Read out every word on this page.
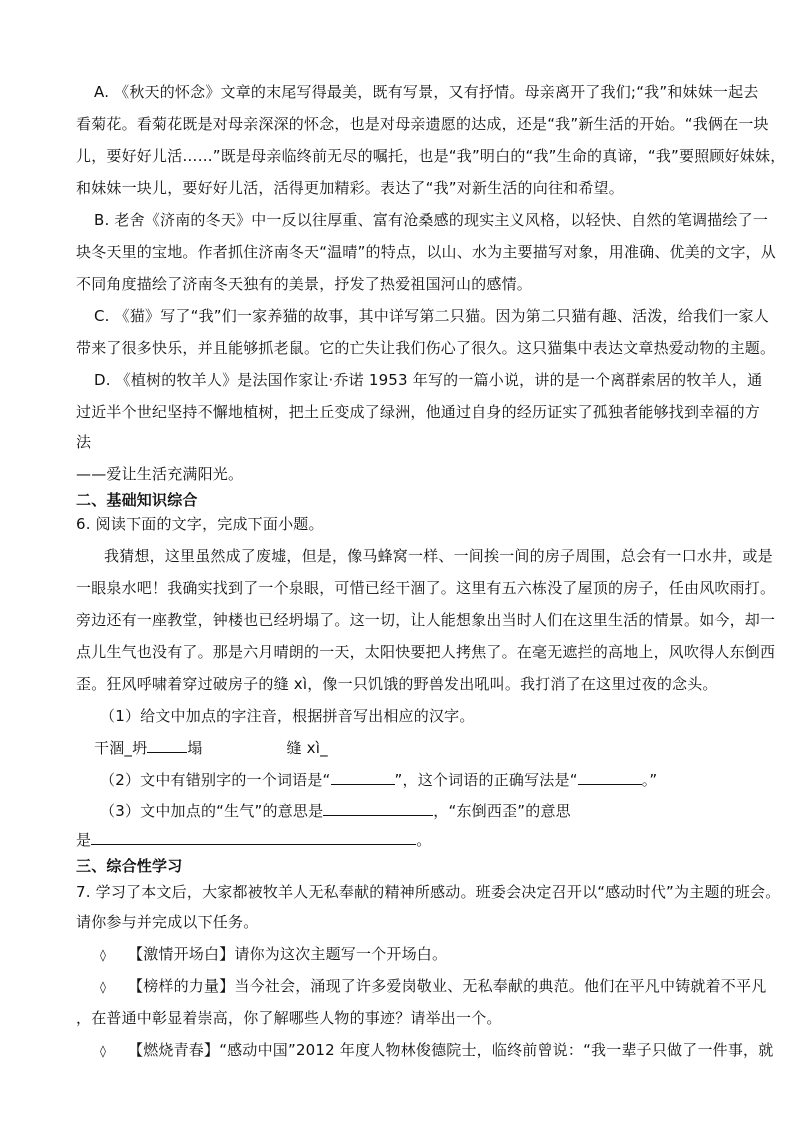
A. 《秋天的怀念》文章的末尾写得最美，既有写景，又有抒情。母亲离开了我们;“我”和妹妹一起去
看菊花。看菊花既是对母亲深深的怀念，也是对母亲遗愿的达成，还是“我”新生活的开始。“我俩在一块
儿，要好好儿活……”既是母亲临终前无尽的嘱托，也是“我”明白的“我”生命的真谛，“我”要照顾好妹妹，
和妹妹一块儿，要好好儿活，活得更加精彩。表达了“我”对新生活的向往和希望。
B. 老舍《济南的冬天》中一反以往厚重、富有沧桑感的现实主义风格，以轻快、自然的笔调描绘了一
块冬天里的宝地。作者抓住济南冬天“温晴”的特点，以山、水为主要描写对象，用准确、优美的文字，从
不同角度描绘了济南冬天独有的美景，抒发了热爱祖国河山的感情。
C. 《猫》写了“我”们一家养猫的故事，其中详写第二只猫。因为第二只猫有趣、活泼，给我们一家人
带来了很多快乐，并且能够抓老鼠。它的亡失让我们伤心了很久。这只猫集中表达文章热爱动物的主题。
D. 《植树的牧羊人》是法国作家让·乔诺 1953 年写的一篇小说，讲的是一个离群索居的牧羊人，通
过近半个世纪坚持不懈地植树，把土丘变成了绿洲，他通过自身的经历证实了孤独者能够找到幸福的方
法
——爱让生活充满阳光。
二、基础知识综合
6. 阅读下面的文字，完成下面小题。
我猜想，这里虽然成了废墟，但是，像马蜂窝一样、一间挨一间的房子周围，总会有一口水井，或是
一眼泉水吧！我确实找到了一个泉眼，可惜已经干涸了。这里有五六栋没了屋顶的房子，任由风吹雨打。
旁边还有一座教堂，钟楼也已经坍塌了。这一切，让人能想象出当时人们在这里生活的情景。如今，却一
点儿生气也没有了。那是六月晴朗的一天，太阳快要把人拷焦了。在毫无遮拦的高地上，风吹得人东倒西
歪。狂风呼啸着穿过破房子的缝 xì，像一只饥饿的野兽发出吼叫。我打消了在这里过夜的念头。
（1）给文中加点的字注音，根据拼音写出相应的汉字。
干涸_坍	塌	缝 xì_
（2）文中有错别字的一个词语是“	”，这个词语的正确写法是“	。”
（3）文中加点的“生气”的意思是	，“东倒西歪”的意思
是	。
三、综合性学习
7. 学习了本文后，大家都被牧羊人无私奉献的精神所感动。班委会决定召开以“感动时代”为主题的班会。
请你参与并完成以下任务。
◊ 【激情开场白】请你为这次主题写一个开场白。
◊ 【榜样的力量】当今社会，涌现了许多爱岗敬业、无私奉献的典范。他们在平凡中铸就着不平凡
，在普通中彰显着崇高，你了解哪些人物的事迹？请举出一个。
◊ 【燃烧青春】“感动中国”2012 年度人物林俊德院士，临终前曾说：“我一辈子只做了一件事，就
